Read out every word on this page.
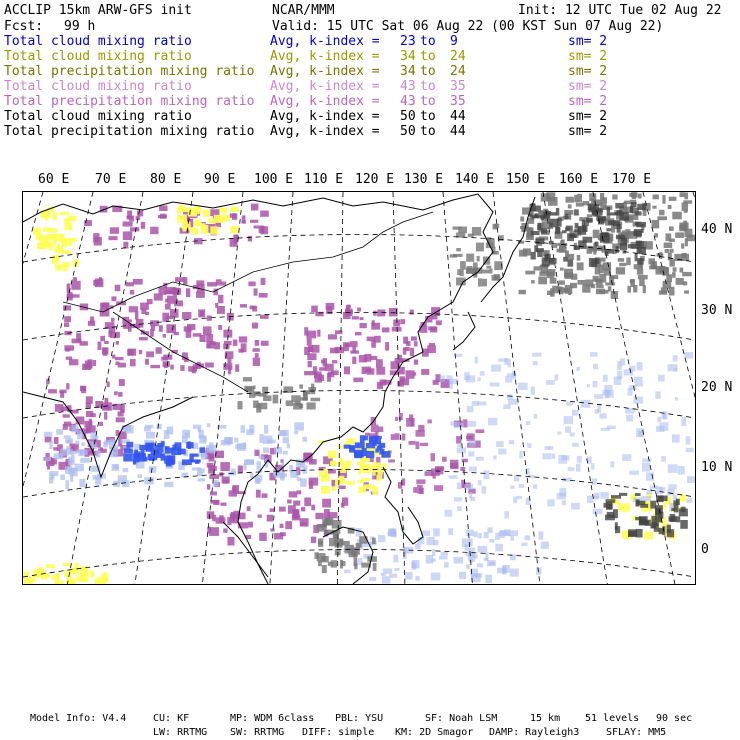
ACCLIP 15km ARW-GFS init	NCAR/MMM	Init: 12 UTC Tue 02 Aug 22
Fcst: 99 h	Valid: 15 UTC Sat 06 Aug 22 (00 KST Sun 07 Aug 22)
Total cloud mixing ratio	Avg, k-index = 23 to 9	sm= 2
Total cloud mixing ratio	Avg, k-index = 34 to 24	sm= 2
Total precipitation mixing ratio Avg, k-index = 34 to 24	sm= 2
Total cloud mixing ratio	Avg, k-index = 43 to 35	sm= 2
Total precipitation mixing ratio Avg, k-index = 43 to 35	sm= 2
Total cloud mixing ratio	Avg, k-index = 50 to 44	sm= 2
Total precipitation mixing ratio Avg, k-index = 50 to 44	sm= 2
60 E 70 E 80 E 90 E 100 E 110 E 120 E 130 E 140 E 150 E 160 E 170 E
40 N
30 N
20 N
10 N
0
Model Info: V4.4	CU: KF	MP: WDM 6class PBL: YSU	SF: Noah LSM	15 km 51 levels 90 sec
LW: RRTMG SW: RRTMG DIFF: simple KM: 2D Smagor DAMP: Rayleigh3	SFLAY: MM5
